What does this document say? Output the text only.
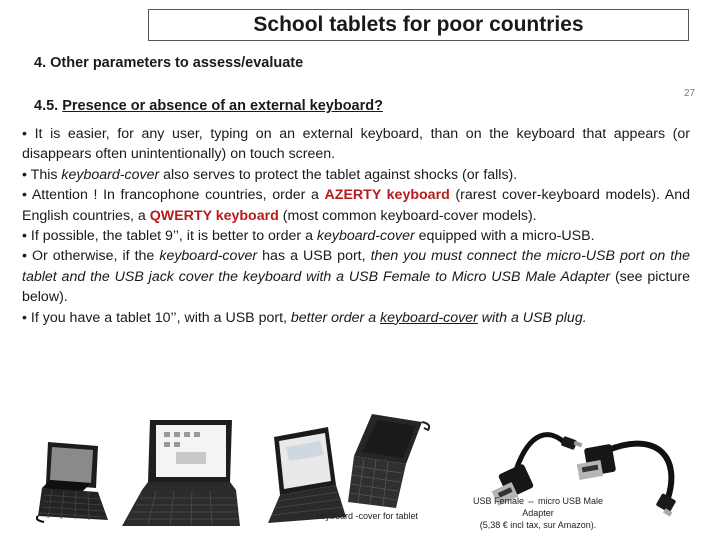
School tablets for poor countries
27
4. Other parameters to assess/evaluate
4.5. Presence or absence of an external keyboard?

• It is easier, for any user, typing on an external keyboard, than on the keyboard that appears (or disappears often unintentionally) on touch screen.

• This keyboard-cover also serves to protect the tablet against shocks (or falls).

• Attention ! In francophone countries, order a AZERTY keyboard (rarest cover-keyboard models). And English countries, a QWERTY keyboard (most common keyboard-cover models).

• If possible, the tablet 9’’, it is better to order a keyboard-cover equipped with a micro-USB.

• Or otherwise, if the keyboard-cover has a USB port, then you must connect the micro-USB port on the tablet and the USB jack cover the keyboard with a USB Female to Micro USB Male Adapter (see picture below).

• If you have a tablet 10’’, with a USB port, better order a keyboard-cover with a USB plug.

keyboard -cover for tablet
USB Female ⇔ micro USB Male
Adapter
(5,38 € incl tax, sur Amazon).
